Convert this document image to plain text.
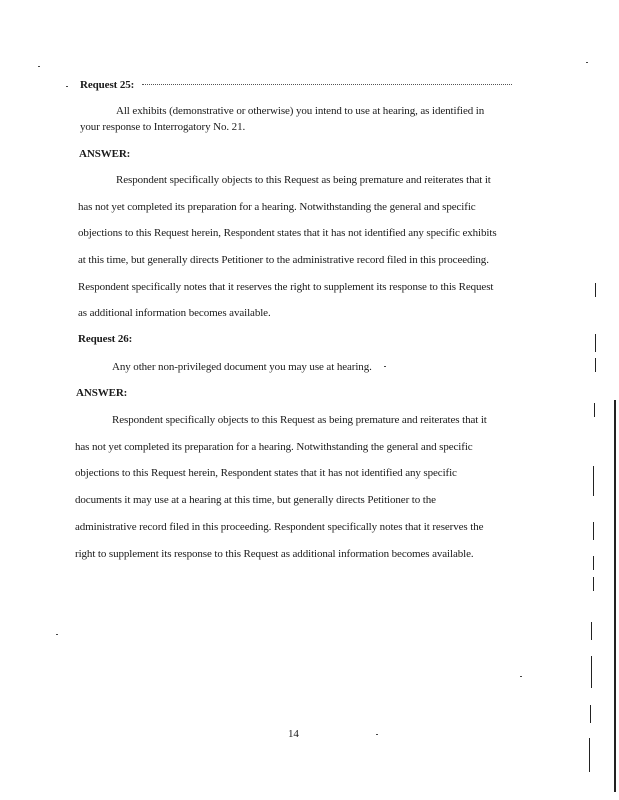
Request 25:
All exhibits (demonstrative or otherwise) you intend to use at hearing, as identified in
your response to Interrogatory No. 21.
ANSWER:
Respondent specifically objects to this Request as being premature and reiterates that it
has not yet completed its preparation for a hearing. Notwithstanding the general and specific
objections to this Request herein, Respondent states that it has not identified any specific exhibits
at this time, but generally directs Petitioner to the administrative record filed in this proceeding.
Respondent specifically notes that it reserves the right to supplement its response to this Request
as additional information becomes available.
Request 26:
Any other non-privileged document you may use at hearing.
ANSWER:
Respondent specifically objects to this Request as being premature and reiterates that it
has not yet completed its preparation for a hearing. Notwithstanding the general and specific
objections to this Request herein, Respondent states that it has not identified any specific
documents it may use at a hearing at this time, but generally directs Petitioner to the
administrative record filed in this proceeding. Respondent specifically notes that it reserves the
right to supplement its response to this Request as additional information becomes available.
14
